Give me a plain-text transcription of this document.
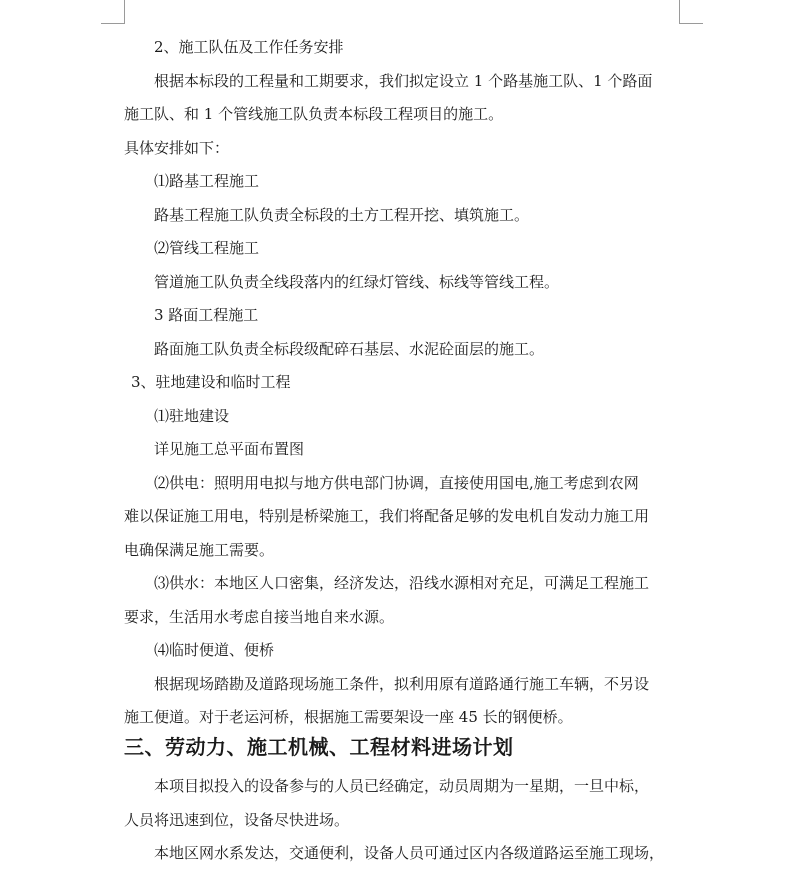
2、施工队伍及工作任务安排

根据本标段的工程量和工期要求，我们拟定设立 1 个路基施工队、1 个路面

施工队、和 1 个管线施工队负责本标段工程项目的施工。

具体安排如下：

⑴路基工程施工

路基工程施工队负责全标段的土方工程开挖、填筑施工。

⑵管线工程施工

管道施工队负责全线段落内的红绿灯管线、标线等管线工程。

3 路面工程施工

路面施工队负责全标段级配碎石基层、水泥砼面层的施工。

3、驻地建设和临时工程

⑴驻地建设

详见施工总平面布置图

⑵供电：照明用电拟与地方供电部门协调，直接使用国电,施工考虑到农网

难以保证施工用电，特别是桥梁施工，我们将配备足够的发电机自发动力施工用

电确保满足施工需要。

⑶供水：本地区人口密集，经济发达，沿线水源相对充足，可满足工程施工

要求，生活用水考虑自接当地自来水源。

⑷临时便道、便桥

根据现场踏勘及道路现场施工条件，拟利用原有道路通行施工车辆，不另设

施工便道。对于老运河桥，根据施工需要架设一座 45 长的钢便桥。

三、劳动力、施工机械、工程材料进场计划

本项目拟投入的设备参与的人员已经确定，动员周期为一星期，一旦中标，

人员将迅速到位，设备尽快进场。

本地区网水系发达，交通便利，设备人员可通过区内各级道路运至施工现场，
